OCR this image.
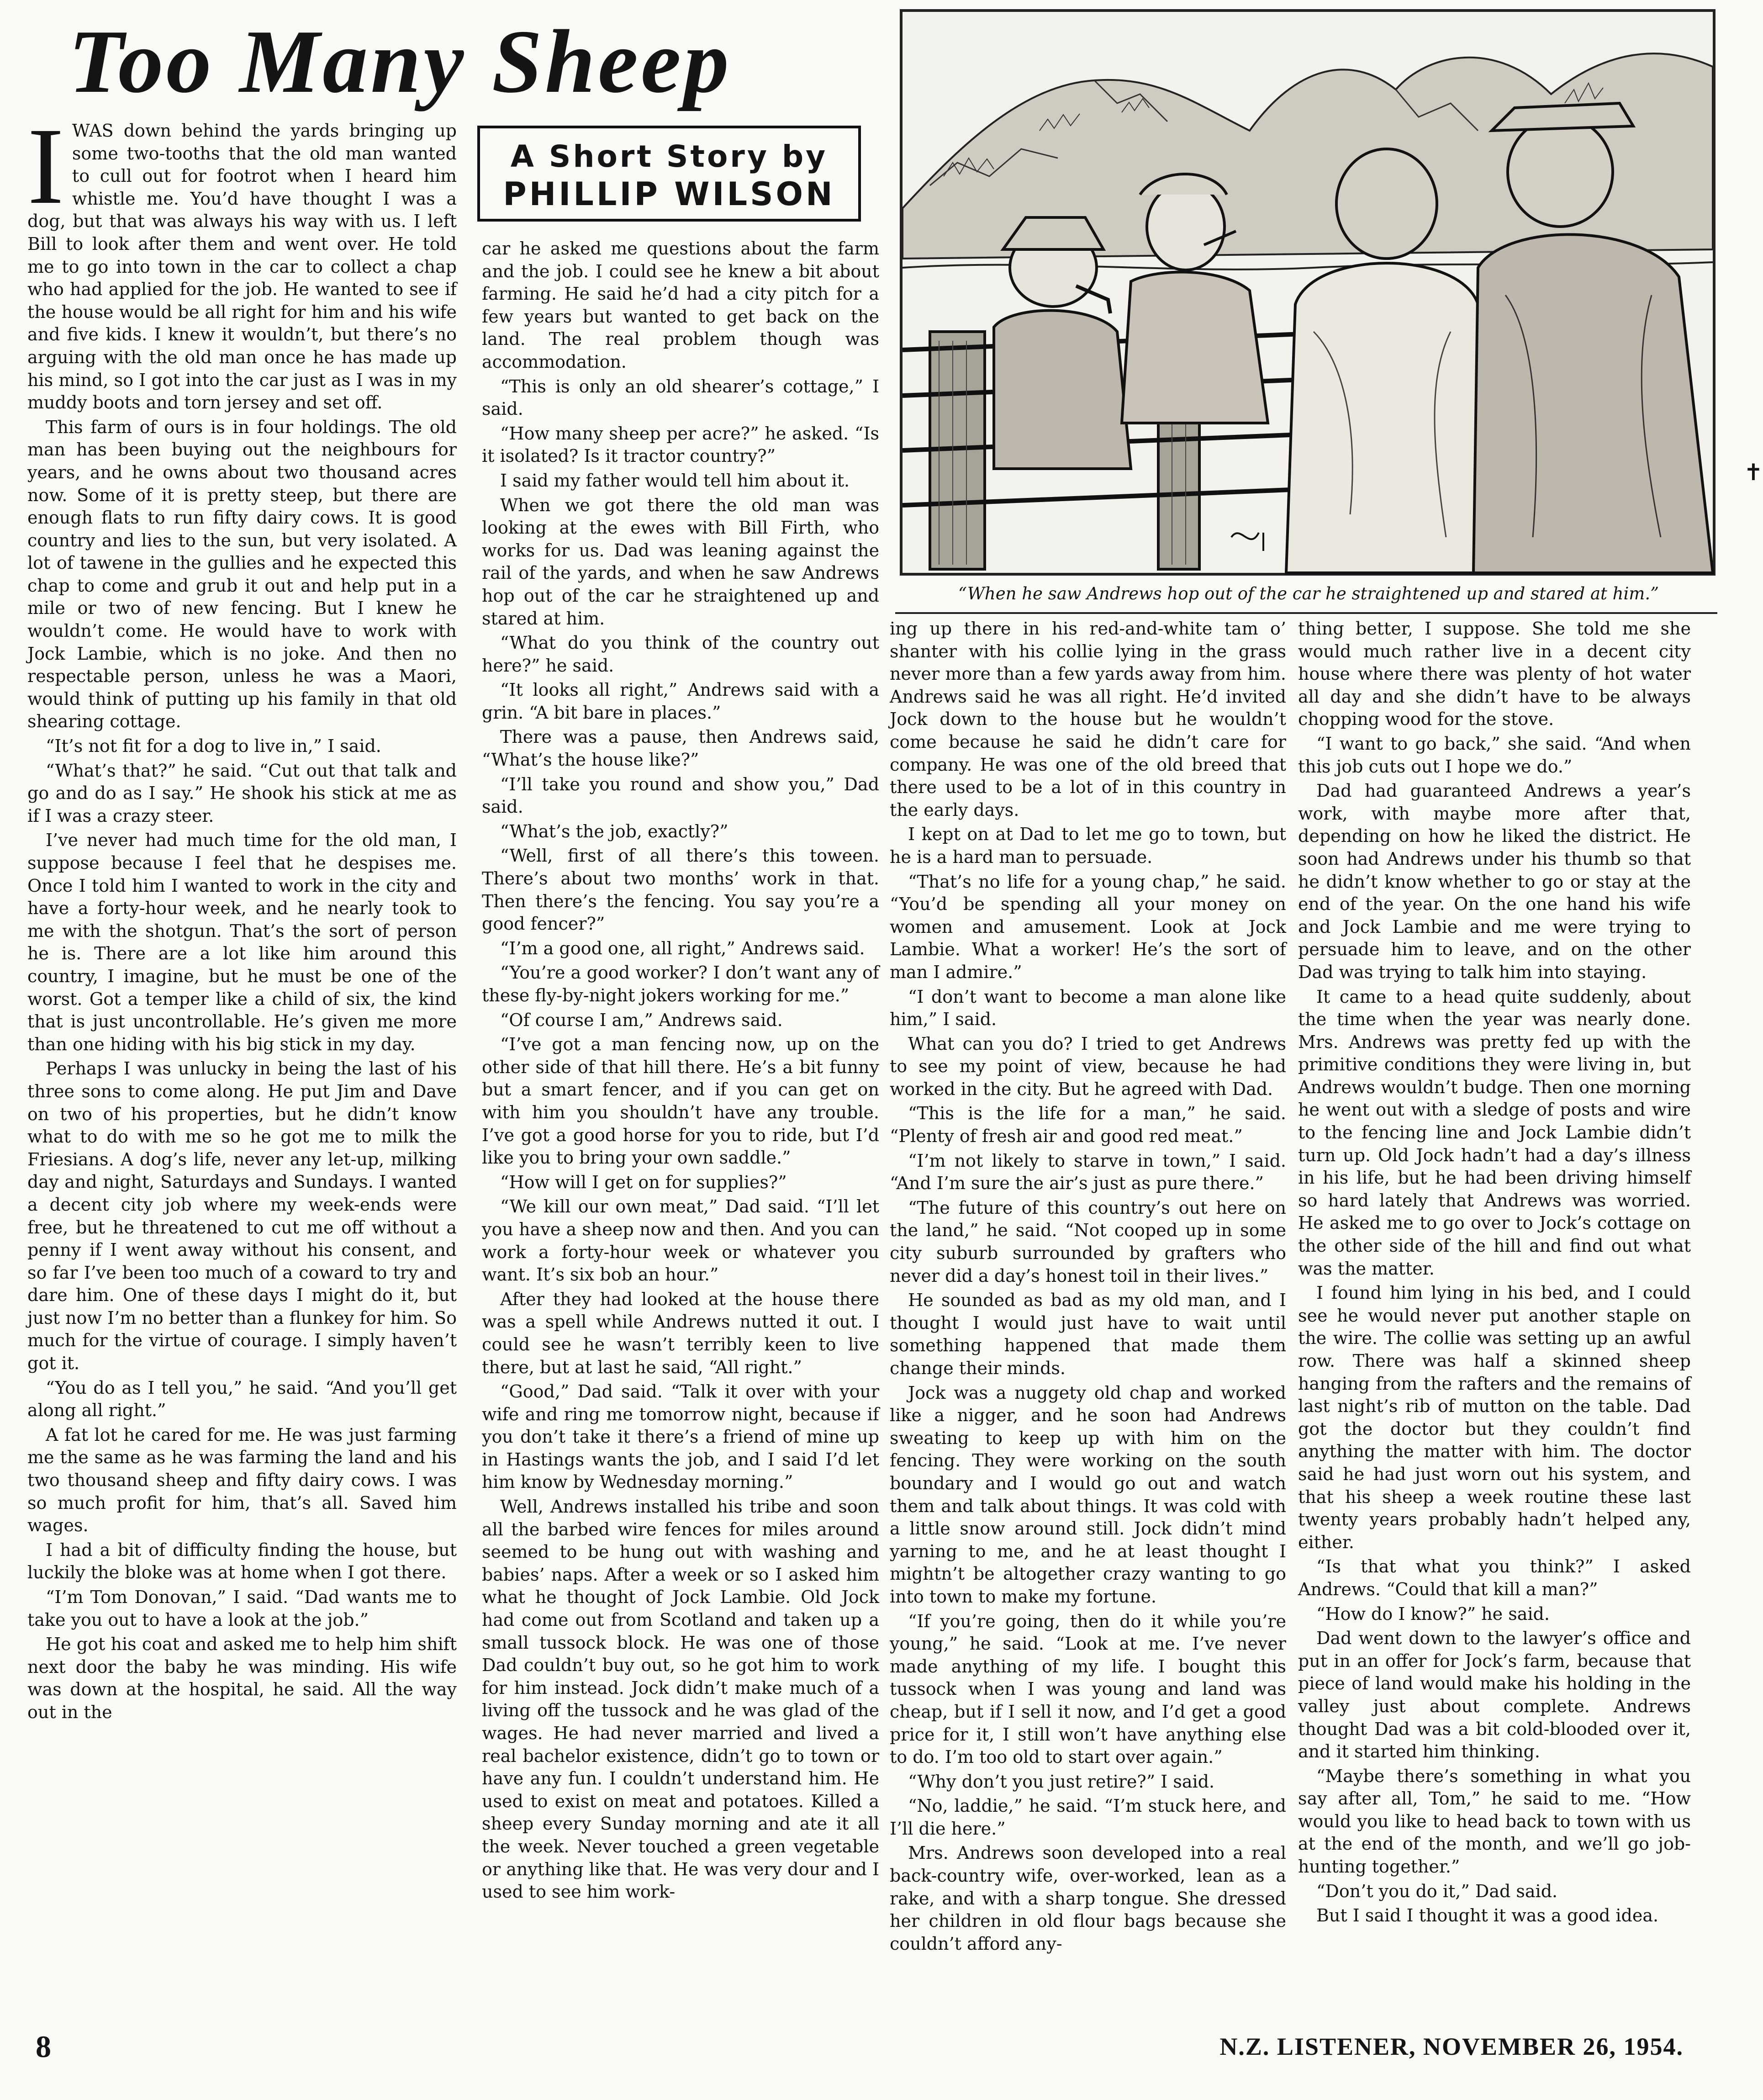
Too Many Sheep
A Short Story by
PHILLIP WILSON
I WAS down behind the yards bringing up some two-tooths that the old man wanted to cull out for footrot when I heard him whistle me. You’d have thought I was a dog, but that was always his way with us. I left Bill to look after them and went over. He told me to go into town in the car to collect a chap who had applied for the job. He wanted to see if the house would be all right for him and his wife and five kids. I knew it wouldn’t, but there’s no arguing with the old man once he has made up his mind, so I got into the car just as I was in my muddy boots and torn jersey and set off.

This farm of ours is in four holdings. The old man has been buying out the neighbours for years, and he owns about two thousand acres now. Some of it is pretty steep, but there are enough flats to run fifty dairy cows. It is good country and lies to the sun, but very isolated. A lot of tawene in the gullies and he expected this chap to come and grub it out and help put in a mile or two of new fencing. But I knew he wouldn’t come. He would have to work with Jock Lambie, which is no joke. And then no respectable person, unless he was a Maori, would think of putting up his family in that old shearing cottage.

“It’s not fit for a dog to live in,” I said.

“What’s that?” he said. “Cut out that talk and go and do as I say.” He shook his stick at me as if I was a crazy steer.

I’ve never had much time for the old man, I suppose because I feel that he despises me. Once I told him I wanted to work in the city and have a forty-hour week, and he nearly took to me with the shotgun. That’s the sort of person he is. There are a lot like him around this country, I imagine, but he must be one of the worst. Got a temper like a child of six, the kind that is just uncontrollable. He’s given me more than one hiding with his big stick in my day.

Perhaps I was unlucky in being the last of his three sons to come along. He put Jim and Dave on two of his properties, but he didn’t know what to do with me so he got me to milk the Friesians. A dog’s life, never any let-up, milking day and night, Saturdays and Sundays. I wanted a decent city job where my week-ends were free, but he threatened to cut me off without a penny if I went away without his consent, and so far I’ve been too much of a coward to try and dare him. One of these days I might do it, but just now I’m no better than a flunkey for him. So much for the virtue of courage. I simply haven’t got it.

“You do as I tell you,” he said. “And you’ll get along all right.”

A fat lot he cared for me. He was just farming me the same as he was farming the land and his two thousand sheep and fifty dairy cows. I was so much profit for him, that’s all. Saved him wages.

I had a bit of difficulty finding the house, but luckily the bloke was at home when I got there.

“I’m Tom Donovan,” I said. “Dad wants me to take you out to have a look at the job.”

He got his coat and asked me to help him shift next door the baby he was minding. His wife was down at the hospital, he said. All the way out in the

car he asked me questions about the farm and the job. I could see he knew a bit about farming. He said he’d had a city pitch for a few years but wanted to get back on the land. The real problem though was accommodation.

“This is only an old shearer’s cottage,” I said.

“How many sheep per acre?” he asked. “Is it isolated? Is it tractor country?”

I said my father would tell him about it.

When we got there the old man was looking at the ewes with Bill Firth, who works for us. Dad was leaning against the rail of the yards, and when he saw Andrews hop out of the car he straightened up and stared at him.

“What do you think of the country out here?” he said.

“It looks all right,” Andrews said with a grin. “A bit bare in places.”

There was a pause, then Andrews said, “What’s the house like?”

“I’ll take you round and show you,” Dad said.

“What’s the job, exactly?”

“Well, first of all there’s this toween. There’s about two months’ work in that. Then there’s the fencing. You say you’re a good fencer?”

“I’m a good one, all right,” Andrews said.

“You’re a good worker? I don’t want any of these fly-by-night jokers working for me.”

“Of course I am,” Andrews said.

“I’ve got a man fencing now, up on the other side of that hill there. He’s a bit funny but a smart fencer, and if you can get on with him you shouldn’t have any trouble. I’ve got a good horse for you to ride, but I’d like you to bring your own saddle.”

“How will I get on for supplies?”

“We kill our own meat,” Dad said. “I’ll let you have a sheep now and then. And you can work a forty-hour week or whatever you want. It’s six bob an hour.”

After they had looked at the house there was a spell while Andrews nutted it out. I could see he wasn’t terribly keen to live there, but at last he said, “All right.”

“Good,” Dad said. “Talk it over with your wife and ring me tomorrow night, because if you don’t take it there’s a friend of mine up in Hastings wants the job, and I said I’d let him know by Wednesday morning.”

Well, Andrews installed his tribe and soon all the barbed wire fences for miles around seemed to be hung out with washing and babies’ naps. After a week or so I asked him what he thought of Jock Lambie. Old Jock had come out from Scotland and taken up a small tussock block. He was one of those Dad couldn’t buy out, so he got him to work for him instead. Jock didn’t make much of a living off the tussock and he was glad of the wages. He had never married and lived a real bachelor existence, didn’t go to town or have any fun. I couldn’t understand him. He used to exist on meat and potatoes. Killed a sheep every Sunday morning and ate it all the week. Never touched a green vegetable or anything like that. He was very dour and I used to see him work-

“When he saw Andrews hop out of the car he straightened up and stared at him.”

ing up there in his red-and-white tam o’ shanter with his collie lying in the grass never more than a few yards away from him. Andrews said he was all right. He’d invited Jock down to the house but he wouldn’t come because he said he didn’t care for company. He was one of the old breed that there used to be a lot of in this country in the early days.

I kept on at Dad to let me go to town, but he is a hard man to persuade.

“That’s no life for a young chap,” he said. “You’d be spending all your money on women and amusement. Look at Jock Lambie. What a worker! He’s the sort of man I admire.”

“I don’t want to become a man alone like him,” I said.

What can you do? I tried to get Andrews to see my point of view, because he had worked in the city. But he agreed with Dad.

“This is the life for a man,” he said. “Plenty of fresh air and good red meat.”

“I’m not likely to starve in town,” I said. “And I’m sure the air’s just as pure there.”

“The future of this country’s out here on the land,” he said. “Not cooped up in some city suburb surrounded by grafters who never did a day’s honest toil in their lives.”

He sounded as bad as my old man, and I thought I would just have to wait until something happened that made them change their minds.

Jock was a nuggety old chap and worked like a nigger, and he soon had Andrews sweating to keep up with him on the fencing. They were working on the south boundary and I would go out and watch them and talk about things. It was cold with a little snow around still. Jock didn’t mind yarning to me, and he at least thought I mightn’t be altogether crazy wanting to go into town to make my fortune.

“If you’re going, then do it while you’re young,” he said. “Look at me. I’ve never made anything of my life. I bought this tussock when I was young and land was cheap, but if I sell it now, and I’d get a good price for it, I still won’t have anything else to do. I’m too old to start over again.”

“Why don’t you just retire?” I said.

“No, laddie,” he said. “I’m stuck here, and I’ll die here.”

Mrs. Andrews soon developed into a real back-country wife, over-worked, lean as a rake, and with a sharp tongue. She dressed her children in old flour bags because she couldn’t afford any-

thing better, I suppose. She told me she would much rather live in a decent city house where there was plenty of hot water all day and she didn’t have to be always chopping wood for the stove.

“I want to go back,” she said. “And when this job cuts out I hope we do.”

Dad had guaranteed Andrews a year’s work, with maybe more after that, depending on how he liked the district. He soon had Andrews under his thumb so that he didn’t know whether to go or stay at the end of the year. On the one hand his wife and Jock Lambie and me were trying to persuade him to leave, and on the other Dad was trying to talk him into staying.

It came to a head quite suddenly, about the time when the year was nearly done. Mrs. Andrews was pretty fed up with the primitive conditions they were living in, but Andrews wouldn’t budge. Then one morning he went out with a sledge of posts and wire to the fencing line and Jock Lambie didn’t turn up. Old Jock hadn’t had a day’s illness in his life, but he had been driving himself so hard lately that Andrews was worried. He asked me to go over to Jock’s cottage on the other side of the hill and find out what was the matter.

I found him lying in his bed, and I could see he would never put another staple on the wire. The collie was setting up an awful row. There was half a skinned sheep hanging from the rafters and the remains of last night’s rib of mutton on the table. Dad got the doctor but they couldn’t find anything the matter with him. The doctor said he had just worn out his system, and that his sheep a week routine these last twenty years probably hadn’t helped any, either.

“Is that what you think?” I asked Andrews. “Could that kill a man?”

“How do I know?” he said.

Dad went down to the lawyer’s office and put in an offer for Jock’s farm, because that piece of land would make his holding in the valley just about complete. Andrews thought Dad was a bit cold-blooded over it, and it started him thinking.

“Maybe there’s something in what you say after all, Tom,” he said to me. “How would you like to head back to town with us at the end of the month, and we’ll go job-hunting together.”

“Don’t you do it,” Dad said.

But I said I thought it was a good idea.

8	N.Z. LISTENER, NOVEMBER 26, 1954.
✝
